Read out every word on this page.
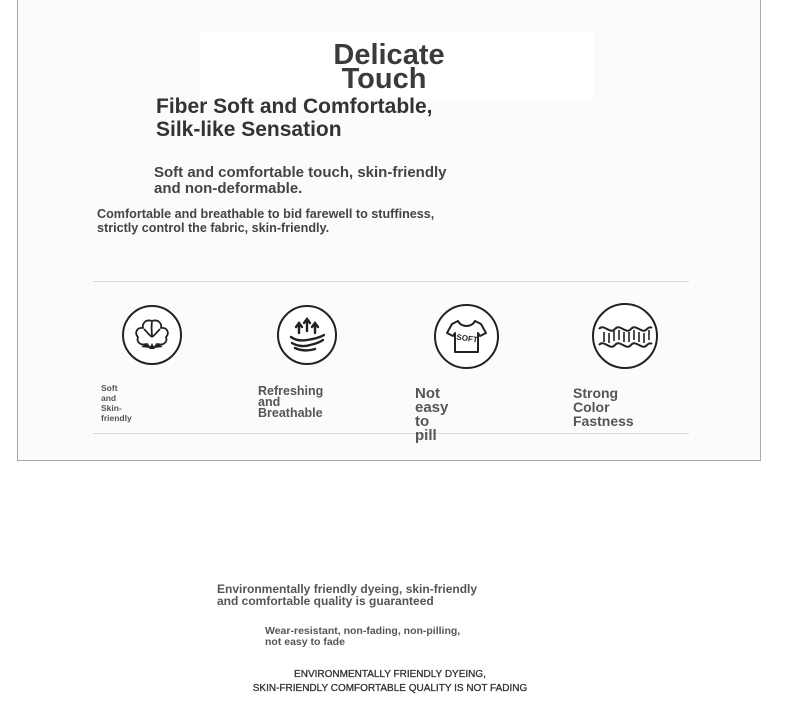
Delicate
Touch

Fiber Soft and Comfortable,
Silk-like Sensation

Soft and comfortable touch, skin-friendly
and non-deformable.

Comfortable and breathable to bid farewell to stuffiness,
strictly control the fabric, skin-friendly.

Soft and Skin-friendly

Refreshing and
Breathable

SOFT

Not easy
to pill

Strong Color
Fastness

Environmentally friendly dyeing, skin-friendly
and comfortable quality is guaranteed

Wear-resistant, non-fading, non-pilling,
not easy to fade

ENVIRONMENTALLY FRIENDLY DYEING,
SKIN-FRIENDLY COMFORTABLE QUALITY IS NOT FADING
